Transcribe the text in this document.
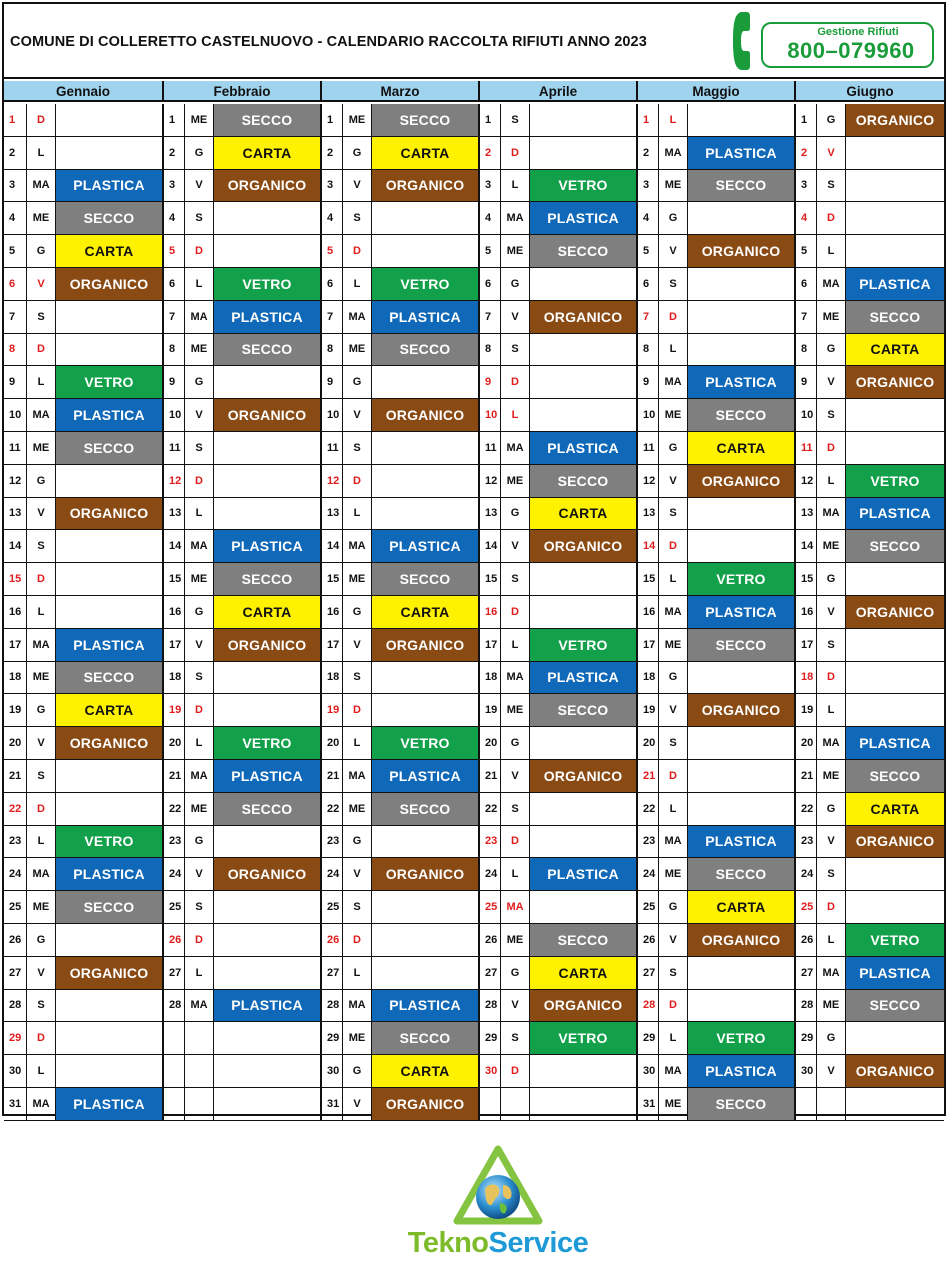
COMUNE DI COLLERETTO CASTELNUOVO - CALENDARIO RACCOLTA RIFIUTI ANNO 2023
Gestione Rifiuti
800–079960
Gennaio	Febbraio	Marzo	Aprile	Maggio	Giugno
1	D
2	L
3	MA	PLASTICA
4	ME	SECCO
5	G	CARTA
6	V	ORGANICO
7	S
8	D
9	L	VETRO
10	MA	PLASTICA
11	ME	SECCO
12	G
13	V	ORGANICO
14	S
15	D
16	L
17	MA	PLASTICA
18	ME	SECCO
19	G	CARTA
20	V	ORGANICO
21	S
22	D
23	L	VETRO
24	MA	PLASTICA
25	ME	SECCO
26	G
27	V	ORGANICO
28	S
29	D
30	L
31	MA	PLASTICA
1	ME	SECCO
2	G	CARTA
3	V	ORGANICO
4	S
5	D
6	L	VETRO
7	MA	PLASTICA
8	ME	SECCO
9	G
10	V	ORGANICO
11	S
12	D
13	L
14 MA	PLASTICA
15 ME	SECCO
16	G	CARTA
17	V	ORGANICO
18	S
19	D
20	L	VETRO
21 MA	PLASTICA
22 ME	SECCO
23	G
24	V	ORGANICO
25	S
26	D
27	L
28 MA	PLASTICA
1	ME	SECCO
2	G	CARTA
3	V	ORGANICO
4	S
5	D
6	L	VETRO
7	MA	PLASTICA
8	ME	SECCO
9	G
10	V	ORGANICO
11	S
12	D
13	L
14 MA	PLASTICA
15 ME	SECCO
16	G	CARTA
17	V	ORGANICO
18	S
19	D
20	L	VETRO
21 MA	PLASTICA
22 ME	SECCO
23	G
24	V	ORGANICO
25	S
26	D
27	L
28 MA	PLASTICA
29 ME	SECCO
30	G	CARTA
31	V	ORGANICO
1	S
2	D
3	L	VETRO
4	MA	PLASTICA
5	ME	SECCO
6	G
7	V	ORGANICO
8	S
9	D
10	L
11 MA	PLASTICA
12 ME	SECCO
13	G	CARTA
14	V	ORGANICO
15	S
16	D
17	L	VETRO
18 MA	PLASTICA
19 ME	SECCO
20	G
21	V	ORGANICO
22	S
23	D
24	L	PLASTICA
25 MA
26 ME	SECCO
27	G	CARTA
28	V	ORGANICO
29	S	VETRO
30	D
1	L
2	MA	PLASTICA
3	ME	SECCO
4	G
5	V	ORGANICO
6	S
7	D
8	L
9	MA	PLASTICA
10 ME	SECCO
11	G	CARTA
12	V	ORGANICO
13	S
14	D
15	L	VETRO
16 MA	PLASTICA
17 ME	SECCO
18	G
19	V	ORGANICO
20	S
21	D
22	L
23 MA	PLASTICA
24 ME	SECCO
25	G	CARTA
26	V	ORGANICO
27	S
28	D
29	L	VETRO
30 MA	PLASTICA
31 ME	SECCO
1	G	ORGANICO
2	V
3	S
4	D
5	L
6	MA	PLASTICA
7	ME	SECCO
8	G	CARTA
9	V	ORGANICO
10	S
11	D
12	L	VETRO
13 MA	PLASTICA
14 ME	SECCO
15	G
16	V	ORGANICO
17	S
18	D
19	L
20 MA	PLASTICA
21 ME	SECCO
22	G	CARTA
23	V	ORGANICO
24	S
25	D
26	L	VETRO
27 MA	PLASTICA
28 ME	SECCO
29	G
30	V	ORGANICO
TeknoService
